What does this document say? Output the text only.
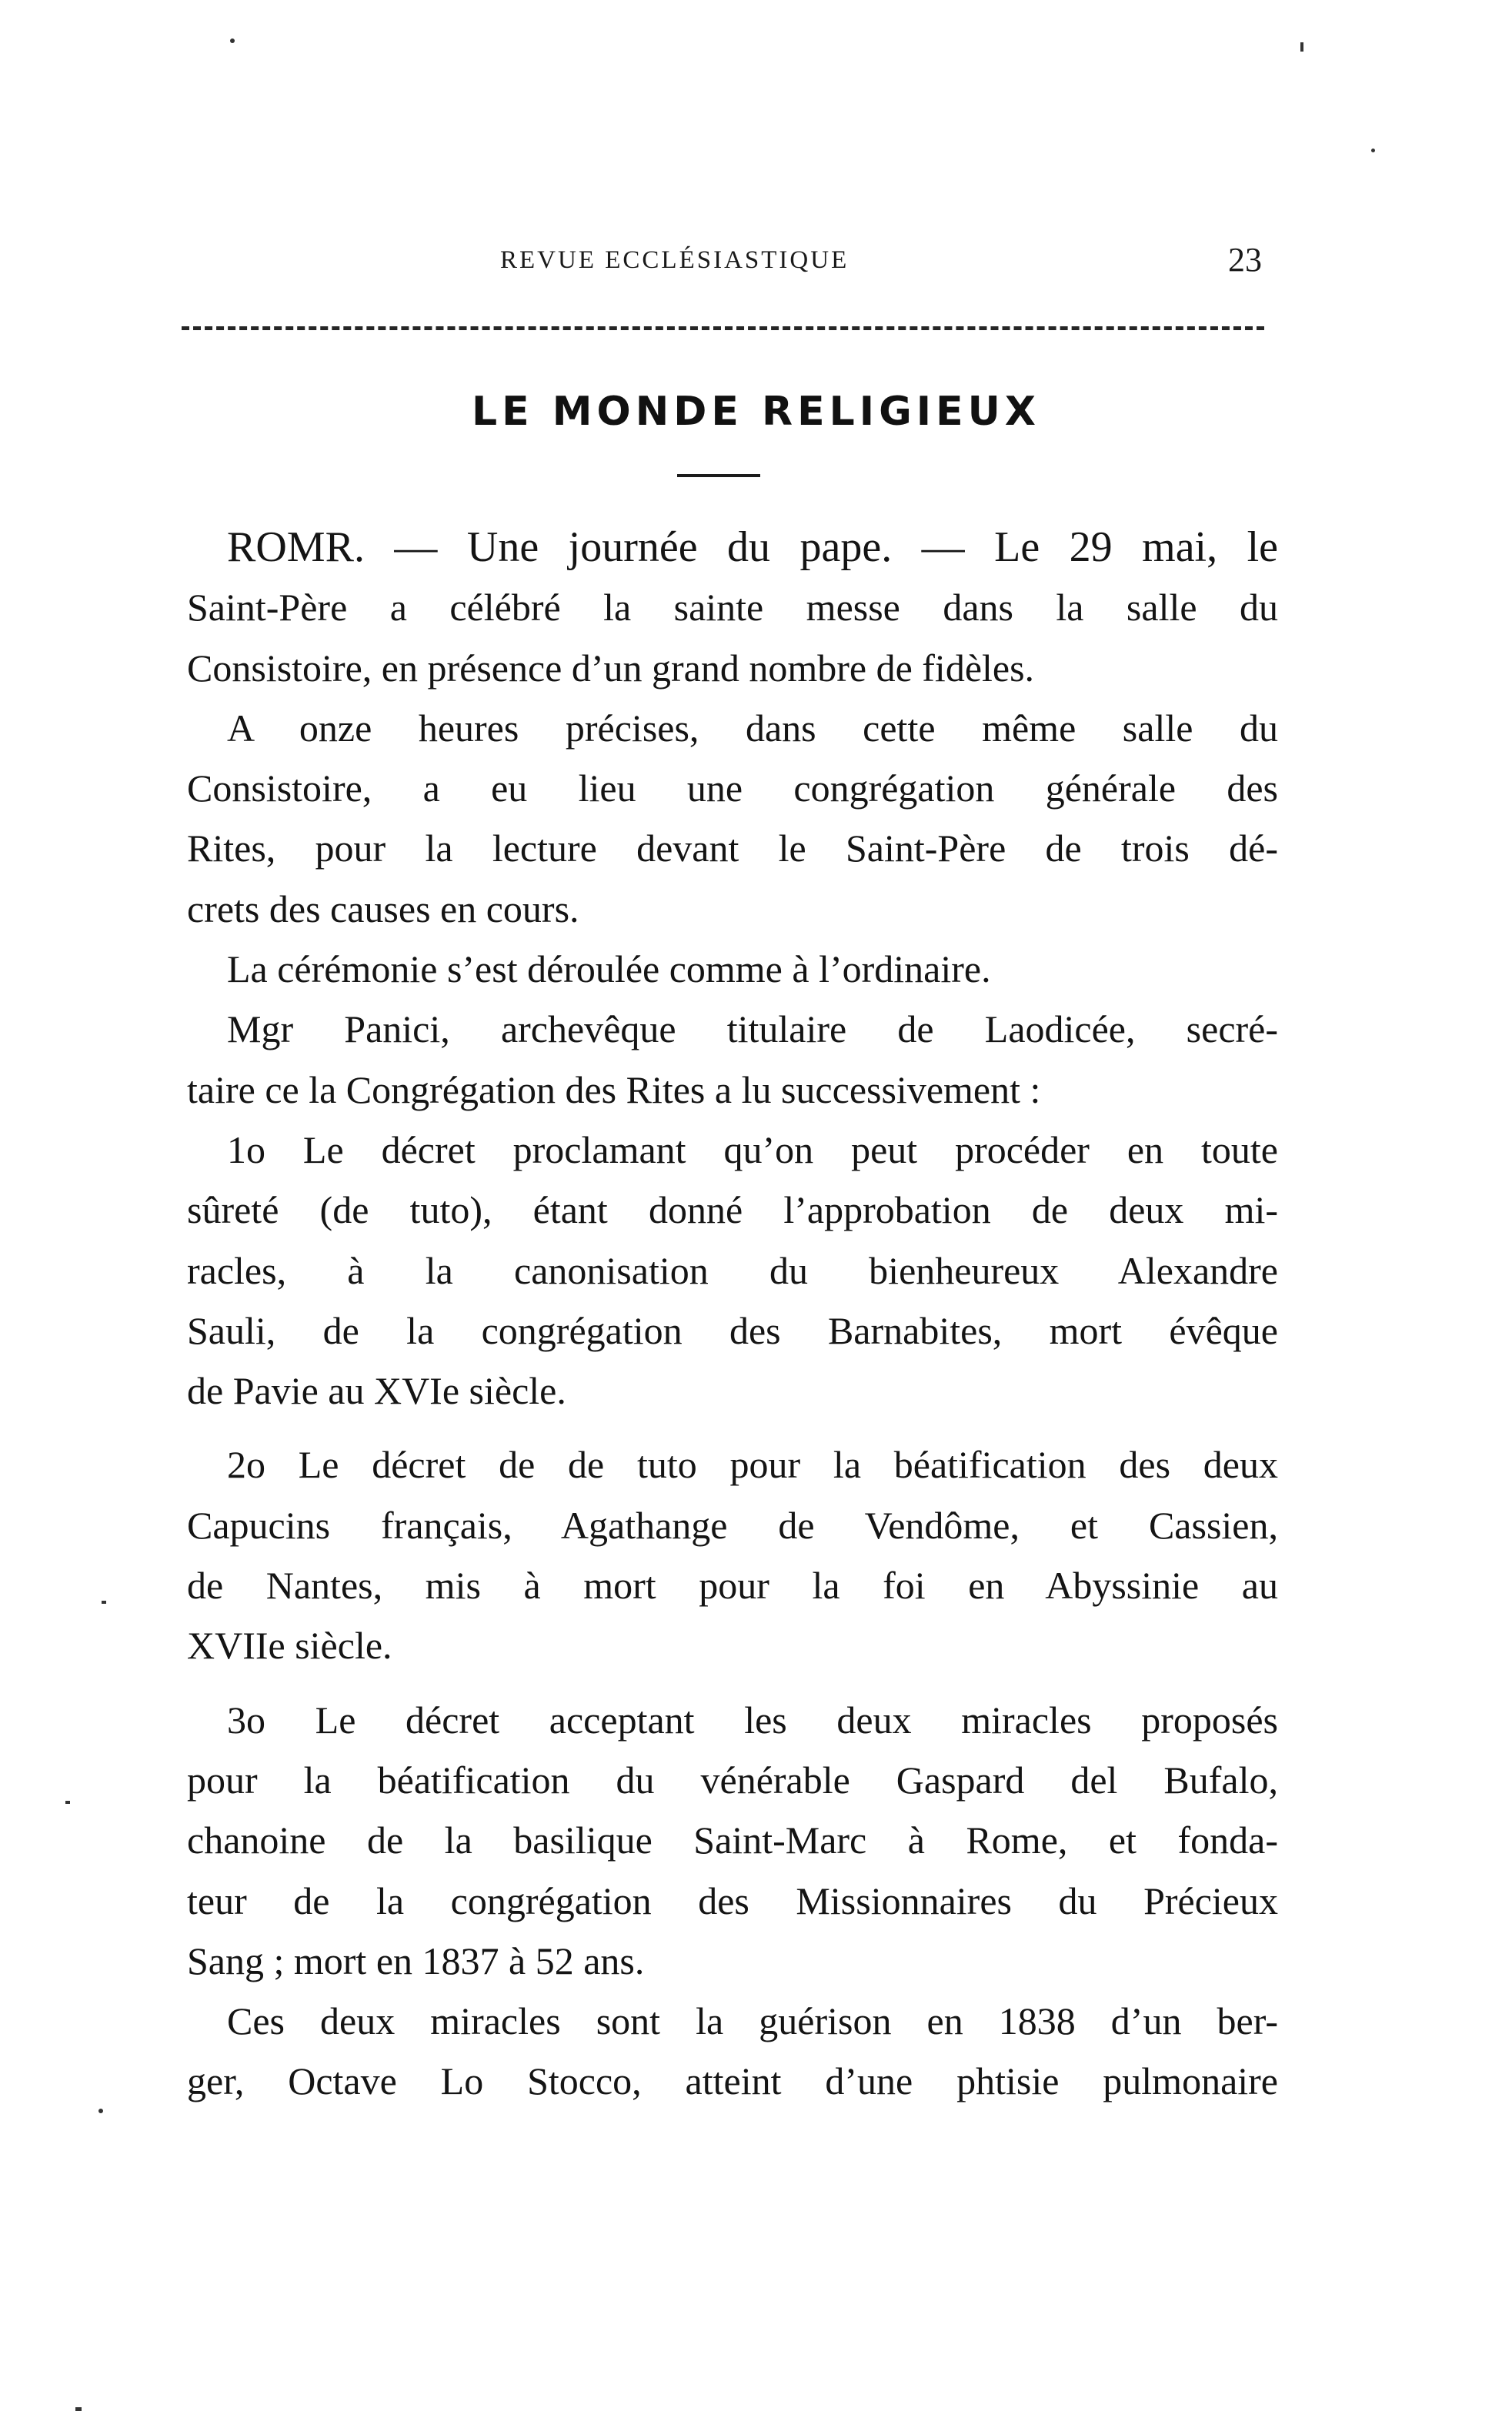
REVUE ECCLÉSIASTIQUE	23
LE MONDE RELIGIEUX
ROMR. — Une journée du pape. — Le 29 mai, le
Saint-Père a célébré la sainte messe dans la salle du
Consistoire, en présence d’un grand nombre de fidèles.
A onze heures précises, dans cette même salle du
Consistoire, a eu lieu une congrégation générale des
Rites, pour la lecture devant le Saint-Père de trois dé-
crets des causes en cours.
La cérémonie s’est déroulée comme à l’ordinaire.
Mgr Panici, archevêque titulaire de Laodicée, secré-
taire ce la Congrégation des Rites a lu successivement :
1o Le décret proclamant qu’on peut procéder en toute
sûreté (de tuto), étant donné l’approbation de deux mi-
racles, à la canonisation du bienheureux Alexandre
Sauli, de la congrégation des Barnabites, mort évêque
de Pavie au XVIe siècle.
2o Le décret de de tuto pour la béatification des deux
Capucins français, Agathange de Vendôme, et Cassien,
de Nantes, mis à mort pour la foi en Abyssinie au
XVIIe siècle.
3o Le décret acceptant les deux miracles proposés
pour la béatification du vénérable Gaspard del Bufalo,
chanoine de la basilique Saint-Marc à Rome, et fonda-
teur de la congrégation des Missionnaires du Précieux
Sang ; mort en 1837 à 52 ans.
Ces deux miracles sont la guérison en 1838 d’un ber-
ger, Octave Lo Stocco, atteint d’une phtisie pulmonaire
